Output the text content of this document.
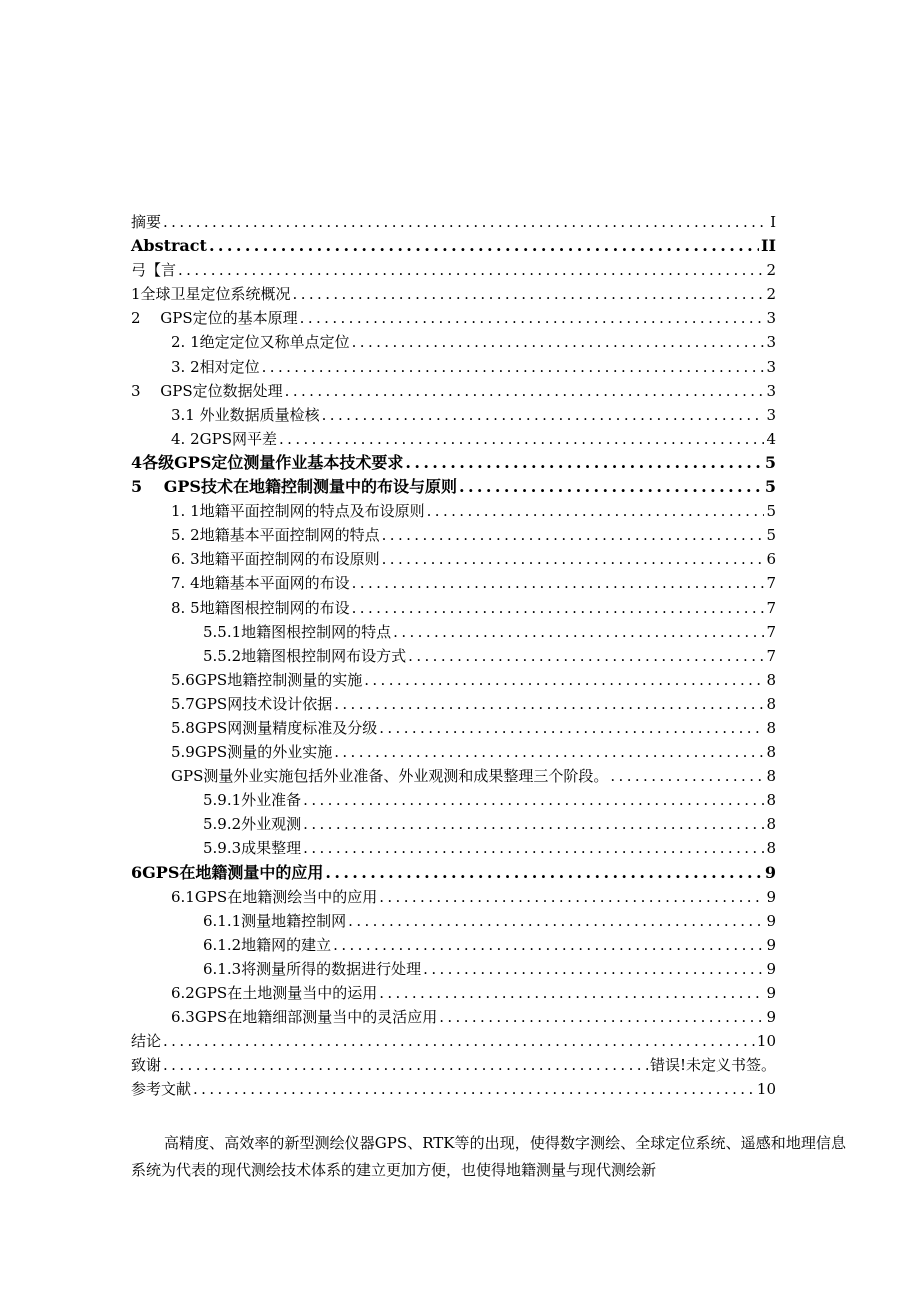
摘要 .....	I
Abstract .....	II
弓【言 .....	2
1全球卫星定位系统概况 .....	2
2　 GPS定位的基本原理 .....	3
2. 1绝定定位又称单点定位 .....	3
3. 2相对定位 .....	3
3　 GPS定位数据处理 .....	3
3.1 外业数据质量检核 .....	3
4. 2GPS网平差 .....	4
4各级GPS定位测量作业基本技术要求 .....	5
5　 GPS技术在地籍控制测量中的布设与原则 .....	5
1. 1地籍平面控制网的特点及布设原则 .....	5
5. 2地籍基本平面控制网的特点 .....	5
6. 3地籍平面控制网的布设原则 .....	6
7. 4地籍基本平面网的布设 .....	7
8. 5地籍图根控制网的布设 .....	7
5.5.1地籍图根控制网的特点 .....	7
5.5.2地籍图根控制网布设方式 .....	7
5.6GPS地籍控制测量的实施 .....	8
5.7GPS网技术设计依据 .....	8
5.8GPS网测量精度标准及分级 .....	8
5.9GPS测量的外业实施 .....	8
GPS测量外业实施包括外业准备、外业观测和成果整理三个阶段。 .....	8
5.9.1外业准备 .....	8
5.9.2外业观测 .....	8
5.9.3成果整理 .....	8
6GPS在地籍测量中的应用 .....	9
6.1GPS在地籍测绘当中的应用 .....	9
6.1.1测量地籍控制网 .....	9
6.1.2地籍网的建立 .....	9
6.1.3将测量所得的数据进行处理 .....	9
6.2GPS在土地测量当中的运用 .....	9
6.3GPS在地籍细部测量当中的灵活应用 .....	9
结论 .....	10
致谢 .....	错误!未定义书签。
参考文献 .....	10

高精度、高效率的新型测绘仪器GPS、RTK等的出现，使得数字测绘、全球定位系统、遥感和地理信息系统为代表的现代测绘技术体系的建立更加方便，也使得地籍测量与现代测绘新
